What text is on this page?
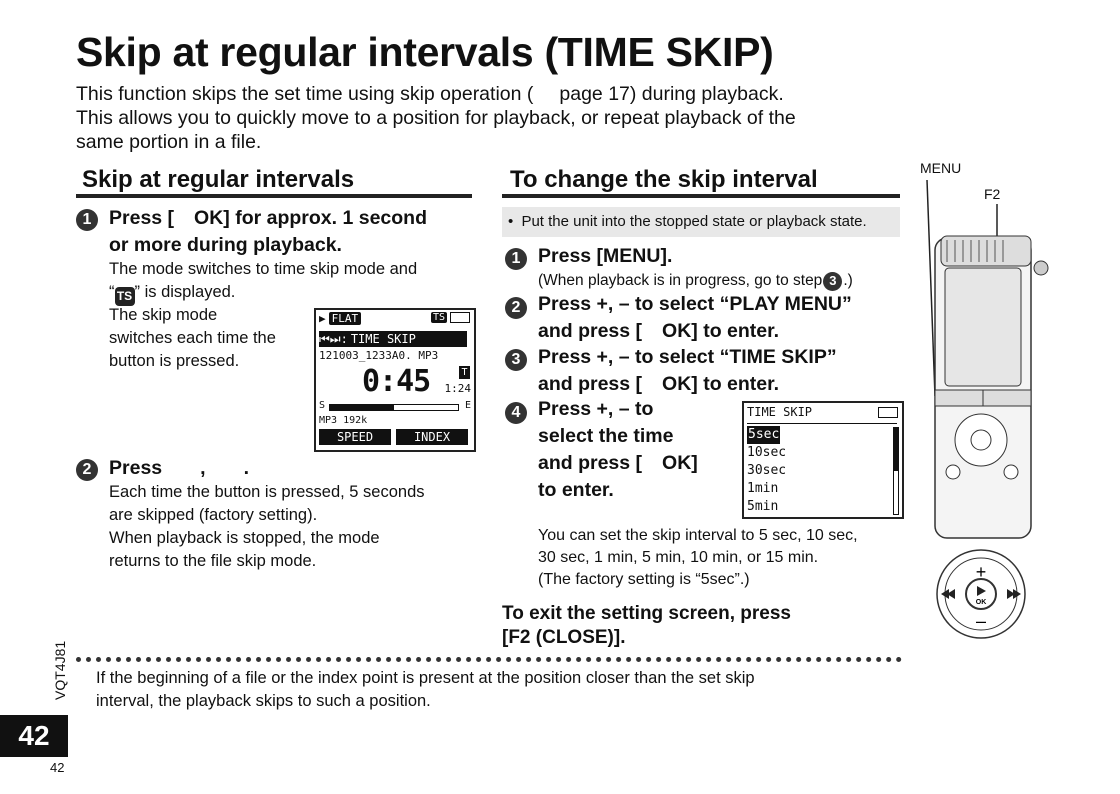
Skip at regular intervals (TIME SKIP)
This function skips the set time using skip operation ( page 17) during playback.
This allows you to quickly move to a position for playback, or repeat playback of the
same portion in a file.
Skip at regular intervals
1 Press [ OK] for approx. 1 second
or more during playback.
The mode switches to time skip mode and
“ TS ” is displayed.
The skip mode
switches each time the
button is pressed.
▶ FLAT	TS
⏮⏭: TIME SKIP
121003_1233A0. MP3
0:45	T
1:24
S	E
MP3 192k
SPEED	INDEX
2 Press , .
Each time the button is pressed, 5 seconds
are skipped (factory setting).
When playback is stopped, the mode
returns to the file skip mode.
To change the skip interval
• Put the unit into the stopped state or playback state.
1 Press [MENU].
(When playback is in progress, go to step 3 .)
2 Press +, – to select “PLAY MENU”
and press [ OK] to enter.
3 Press +, – to select “TIME SKIP”
and press [ OK] to enter.
4 Press +, – to
select the time
and press [ OK]
to enter.
TIME SKIP
5sec
10sec
30sec
1min
5min
You can set the skip interval to 5 sec, 10 sec,
30 sec, 1 min, 5 min, 10 min, or 15 min.
(The factory setting is “5sec”.)
To exit the setting screen, press
[F2 (CLOSE)].
MENU
F2
OK
+
–
If the beginning of a file or the index point is present at the position closer than the set skip
interval, the playback skips to such a position.
VQT4J81
42
42
